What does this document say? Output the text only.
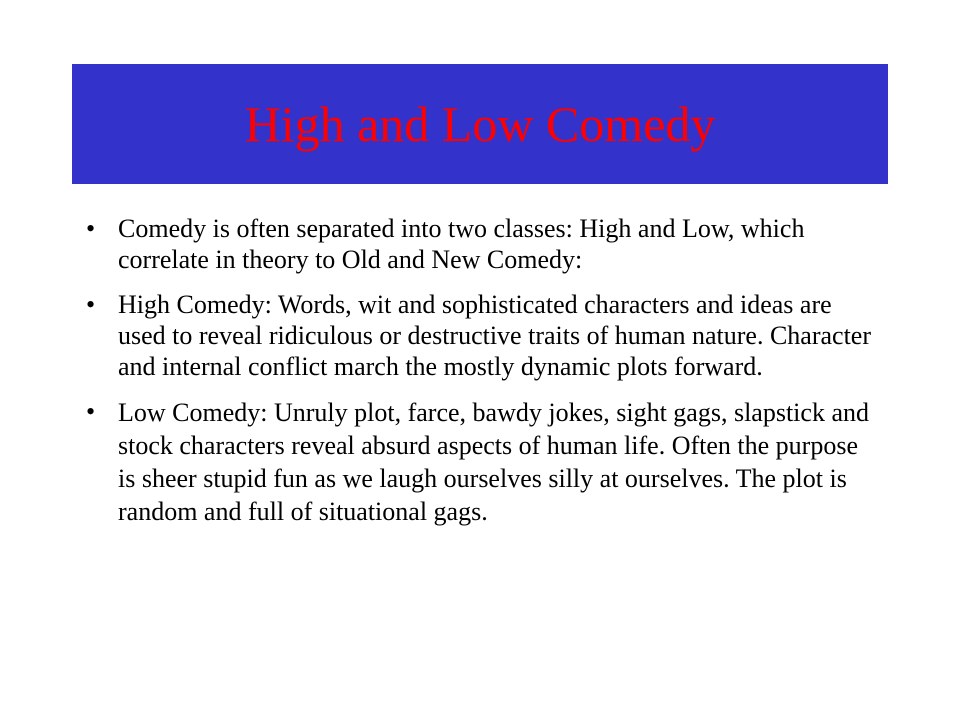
High and Low Comedy
• Comedy is often separated into two classes: High and Low, which correlate in theory to Old and New Comedy:
• High Comedy: Words, wit and sophisticated characters and ideas are used to reveal ridiculous or destructive traits of human nature. Character and internal conflict march the mostly dynamic plots forward.
• Low Comedy: Unruly plot, farce, bawdy jokes, sight gags, slapstick and stock characters reveal absurd aspects of human life. Often the purpose is sheer stupid fun as we laugh ourselves silly at ourselves. The plot is random and full of situational gags.
